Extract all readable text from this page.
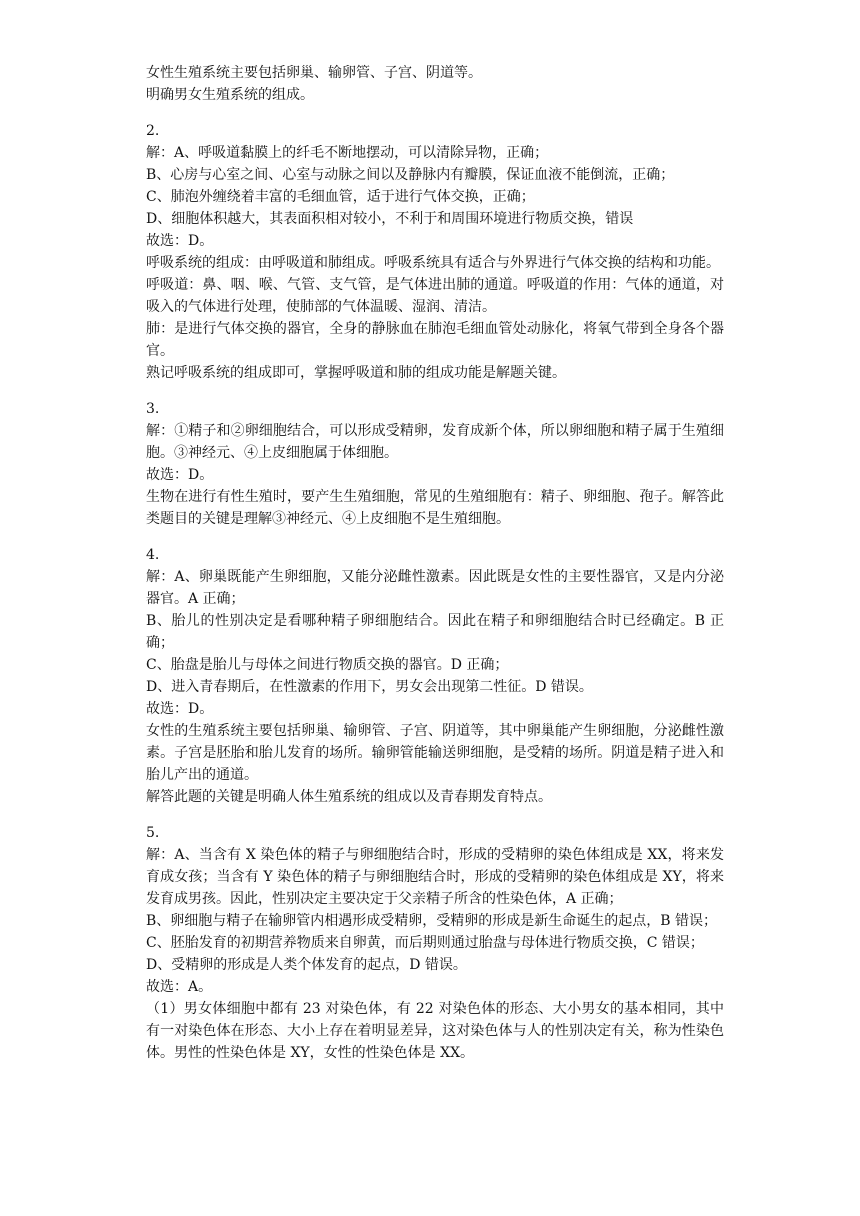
女性生殖系统主要包括卵巢、输卵管、子宫、阴道等。

明确男女生殖系统的组成。

2.

解：A、呼吸道黏膜上的纤毛不断地摆动，可以清除异物，正确；

B、心房与心室之间、心室与动脉之间以及静脉内有瓣膜，保证血液不能倒流，正确；

C、肺泡外缠绕着丰富的毛细血管，适于进行气体交换，正确；

D、细胞体积越大，其表面积相对较小，不利于和周围环境进行物质交换，错误

故选：D。

呼吸系统的组成：由呼吸道和肺组成。呼吸系统具有适合与外界进行气体交换的结构和功能。

呼吸道：鼻、咽、喉、气管、支气管，是气体进出肺的通道。呼吸道的作用：气体的通道，对吸入的气体进行处理，使肺部的气体温暖、湿润、清洁。

肺：是进行气体交换的器官，全身的静脉血在肺泡毛细血管处动脉化，将氧气带到全身各个器官。

熟记呼吸系统的组成即可，掌握呼吸道和肺的组成功能是解题关键。

3.

解：①精子和②卵细胞结合，可以形成受精卵，发育成新个体，所以卵细胞和精子属于生殖细胞。③神经元、④上皮细胞属于体细胞。

故选：D。

生物在进行有性生殖时，要产生生殖细胞，常见的生殖细胞有：精子、卵细胞、孢子。解答此类题目的关键是理解③神经元、④上皮细胞不是生殖细胞。

4.

解：A、卵巢既能产生卵细胞，又能分泌雌性激素。因此既是女性的主要性器官，又是内分泌器官。A 正确；

B、胎儿的性别决定是看哪种精子卵细胞结合。因此在精子和卵细胞结合时已经确定。B 正确；

C、胎盘是胎儿与母体之间进行物质交换的器官。D 正确；

D、进入青春期后，在性激素的作用下，男女会出现第二性征。D 错误。

故选：D。

女性的生殖系统主要包括卵巢、输卵管、子宫、阴道等，其中卵巢能产生卵细胞，分泌雌性激素。子宫是胚胎和胎儿发育的场所。输卵管能输送卵细胞，是受精的场所。阴道是精子进入和胎儿产出的通道。

解答此题的关键是明确人体生殖系统的组成以及青春期发育特点。

5.

解：A、当含有 X 染色体的精子与卵细胞结合时，形成的受精卵的染色体组成是 XX，将来发育成女孩；当含有 Y 染色体的精子与卵细胞结合时，形成的受精卵的染色体组成是 XY，将来发育成男孩。因此，性别决定主要决定于父亲精子所含的性染色体，A 正确；

B、卵细胞与精子在输卵管内相遇形成受精卵，受精卵的形成是新生命诞生的起点，B 错误；

C、胚胎发育的初期营养物质来自卵黄，而后期则通过胎盘与母体进行物质交换，C 错误；

D、受精卵的形成是人类个体发育的起点，D 错误。

故选：A。

（1）男女体细胞中都有 23 对染色体，有 22 对染色体的形态、大小男女的基本相同，其中有一对染色体在形态、大小上存在着明显差异，这对染色体与人的性别决定有关，称为性染色体。男性的性染色体是 XY，女性的性染色体是 XX。
